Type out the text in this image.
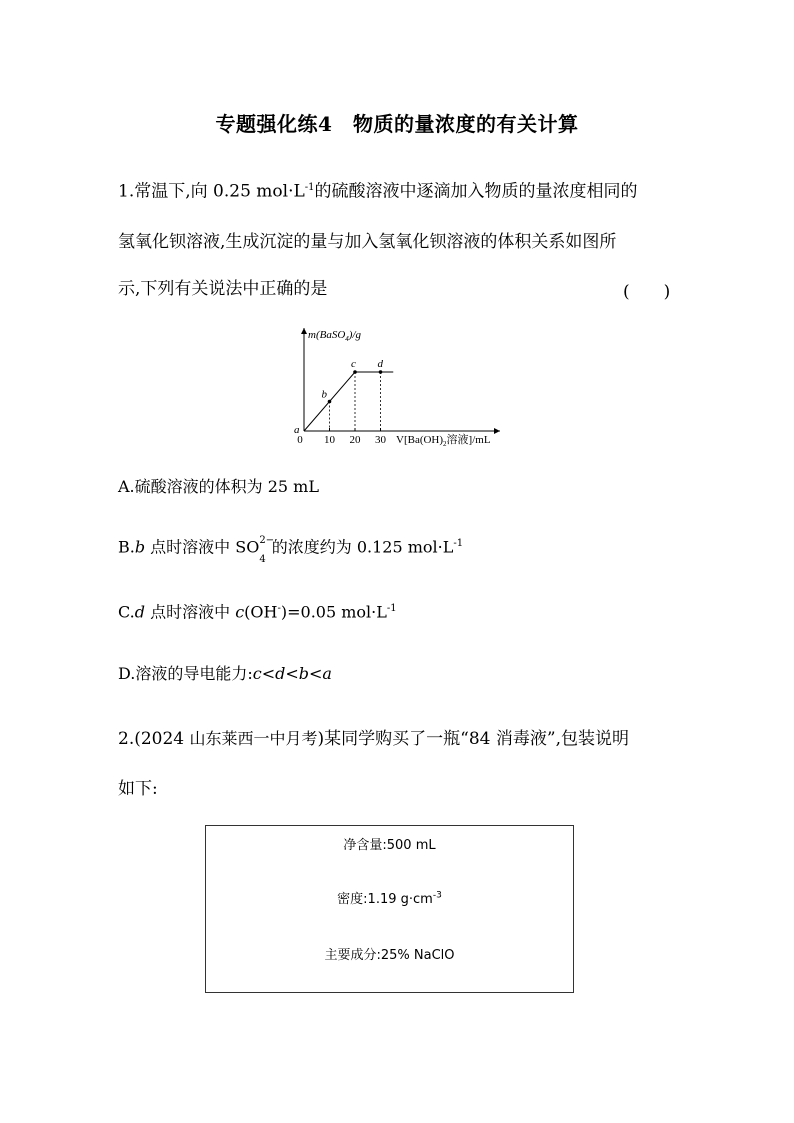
专题强化练4　物质的量浓度的有关计算
1.常温下,向 0.25 $mol\cdot L^{-1}$的硫酸溶液中逐滴加入物质的量浓度相同的
氢氧化钡溶液,生成沉淀的量与加入氢氧化钡溶液的体积关系如图所
示,下列有关说法中正确的是	(　　)
0 10 20 30
a
b
c d
m(BaSO$_4$)/g
$V[Ba(OH)_2$溶液]/mL
A.硫酸溶液的体积为 25 mL
B.b 点时溶液中 SO 2−
$_4$的浓度约为 0.125 $mol\cdot L^{-1}$
C.d 点时溶液中 c(OH-)=0.05 $mol\cdot L^{-1}$
D.溶液的导电能力:c<d<b<a
2.(2024 山东莱西一中月考)某同学购买了一瓶“84 消毒液”,包装说明
如下:
净含量:500 mL
密度:1.19 $g\cdot cm^{-3}$
主要成分:25% NaClO
